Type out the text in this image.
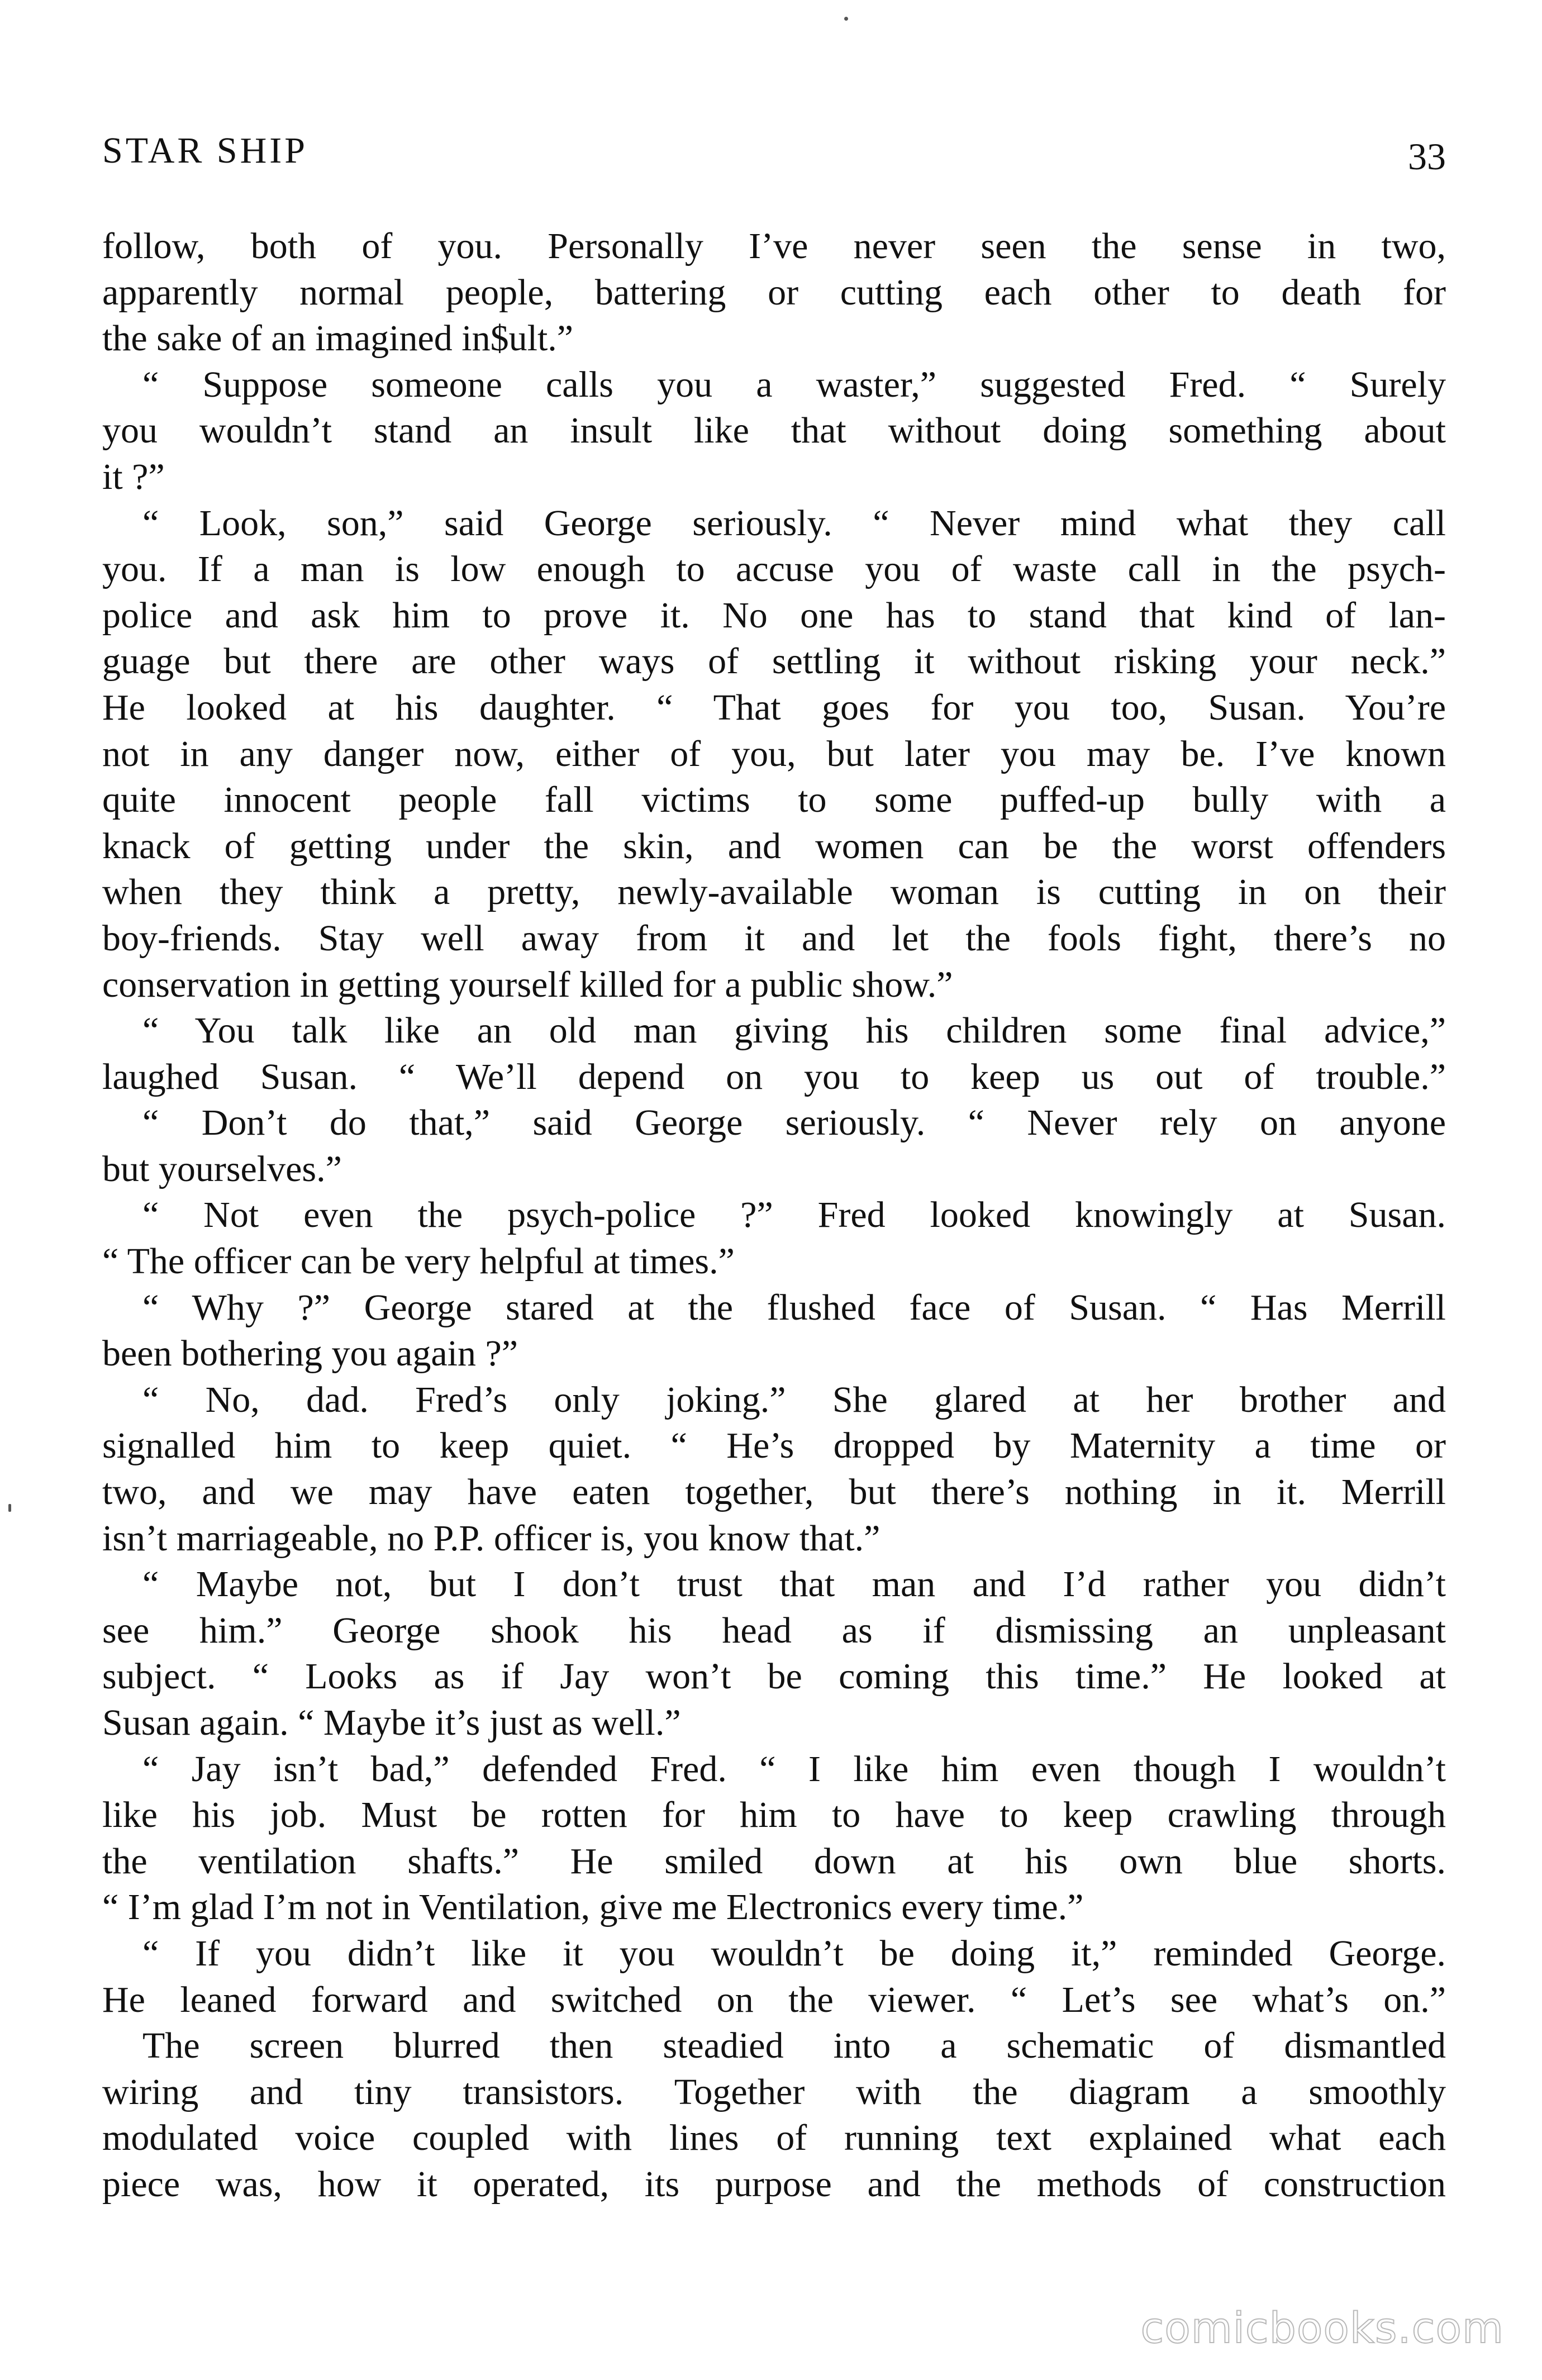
STAR SHIP	33
follow, both of you. Personally I’ve never seen the sense in two,
apparently normal people, battering or cutting each other to death for
the sake of an imagined in$ult.”
“ Suppose someone calls you a waster,” suggested Fred. “ Surely
you wouldn’t stand an insult like that without doing something about
it ?”
“ Look, son,” said George seriously. “ Never mind what they call
you. If a man is low enough to accuse you of waste call in the psych-
police and ask him to prove it. No one has to stand that kind of lan-
guage but there are other ways of settling it without risking your neck.”
He looked at his daughter. “ That goes for you too, Susan. You’re
not in any danger now, either of you, but later you may be. I’ve known
quite innocent people fall victims to some puffed-up bully with a
knack of getting under the skin, and women can be the worst offenders
when they think a pretty, newly-available woman is cutting in on their
boy-friends. Stay well away from it and let the fools fight, there’s no
conservation in getting yourself killed for a public show.”
“ You talk like an old man giving his children some final advice,”
laughed Susan. “ We’ll depend on you to keep us out of trouble.”
“ Don’t do that,” said George seriously. “ Never rely on anyone
but yourselves.”
“ Not even the psych-police ?” Fred looked knowingly at Susan.
“ The officer can be very helpful at times.”
“ Why ?” George stared at the flushed face of Susan. “ Has Merrill
been bothering you again ?”
“ No, dad. Fred’s only joking.” She glared at her brother and
signalled him to keep quiet. “ He’s dropped by Maternity a time or
two, and we may have eaten together, but there’s nothing in it. Merrill
isn’t marriageable, no P.P. officer is, you know that.”
“ Maybe not, but I don’t trust that man and I’d rather you didn’t
see him.” George shook his head as if dismissing an unpleasant
subject. “ Looks as if Jay won’t be coming this time.” He looked at
Susan again. “ Maybe it’s just as well.”
“ Jay isn’t bad,” defended Fred. “ I like him even though I wouldn’t
like his job. Must be rotten for him to have to keep crawling through
the ventilation shafts.” He smiled down at his own blue shorts.
“ I’m glad I’m not in Ventilation, give me Electronics every time.”
“ If you didn’t like it you wouldn’t be doing it,” reminded George.
He leaned forward and switched on the viewer. “ Let’s see what’s on.”
The screen blurred then steadied into a schematic of dismantled
wiring and tiny transistors. Together with the diagram a smoothly
modulated voice coupled with lines of running text explained what each
piece was, how it operated, its purpose and the methods of construction
comicbooks.com
